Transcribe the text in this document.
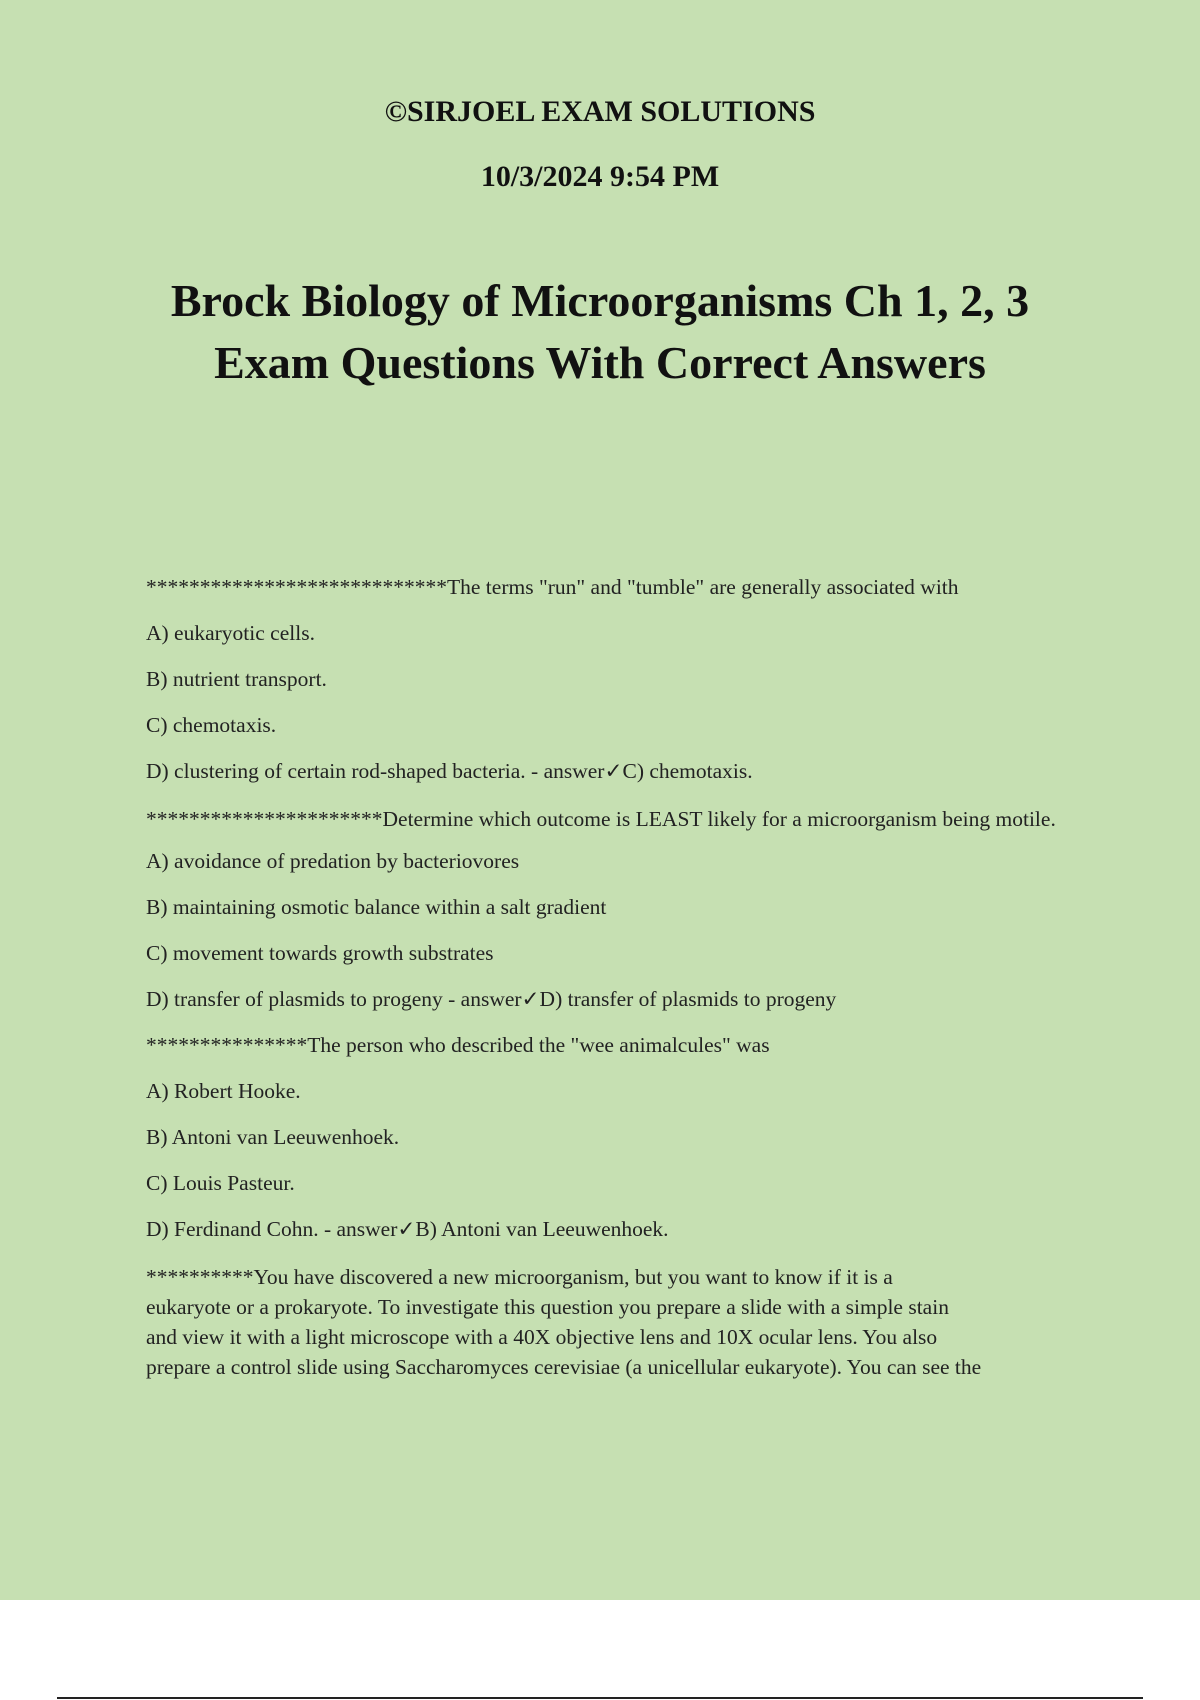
©SIRJOEL EXAM SOLUTIONS
10/3/2024 9:54 PM
Brock Biology of Microorganisms Ch 1, 2, 3
Exam Questions With Correct Answers
****************************The terms "run" and "tumble" are generally associated with
A) eukaryotic cells.
B) nutrient transport.
C) chemotaxis.
D) clustering of certain rod-shaped bacteria. - answer✓C) chemotaxis.
**********************Determine which outcome is LEAST likely for a microorganism being motile.
A) avoidance of predation by bacteriovores
B) maintaining osmotic balance within a salt gradient
C) movement towards growth substrates
D) transfer of plasmids to progeny - answer✓D) transfer of plasmids to progeny
***************The person who described the "wee animalcules" was
A) Robert Hooke.
B) Antoni van Leeuwenhoek.
C) Louis Pasteur.
D) Ferdinand Cohn. - answer✓B) Antoni van Leeuwenhoek.
**********You have discovered a new microorganism, but you want to know if it is a
eukaryote or a prokaryote. To investigate this question you prepare a slide with a simple stain
and view it with a light microscope with a 40X objective lens and 10X ocular lens. You also
prepare a control slide using Saccharomyces cerevisiae (a unicellular eukaryote). You can see the
